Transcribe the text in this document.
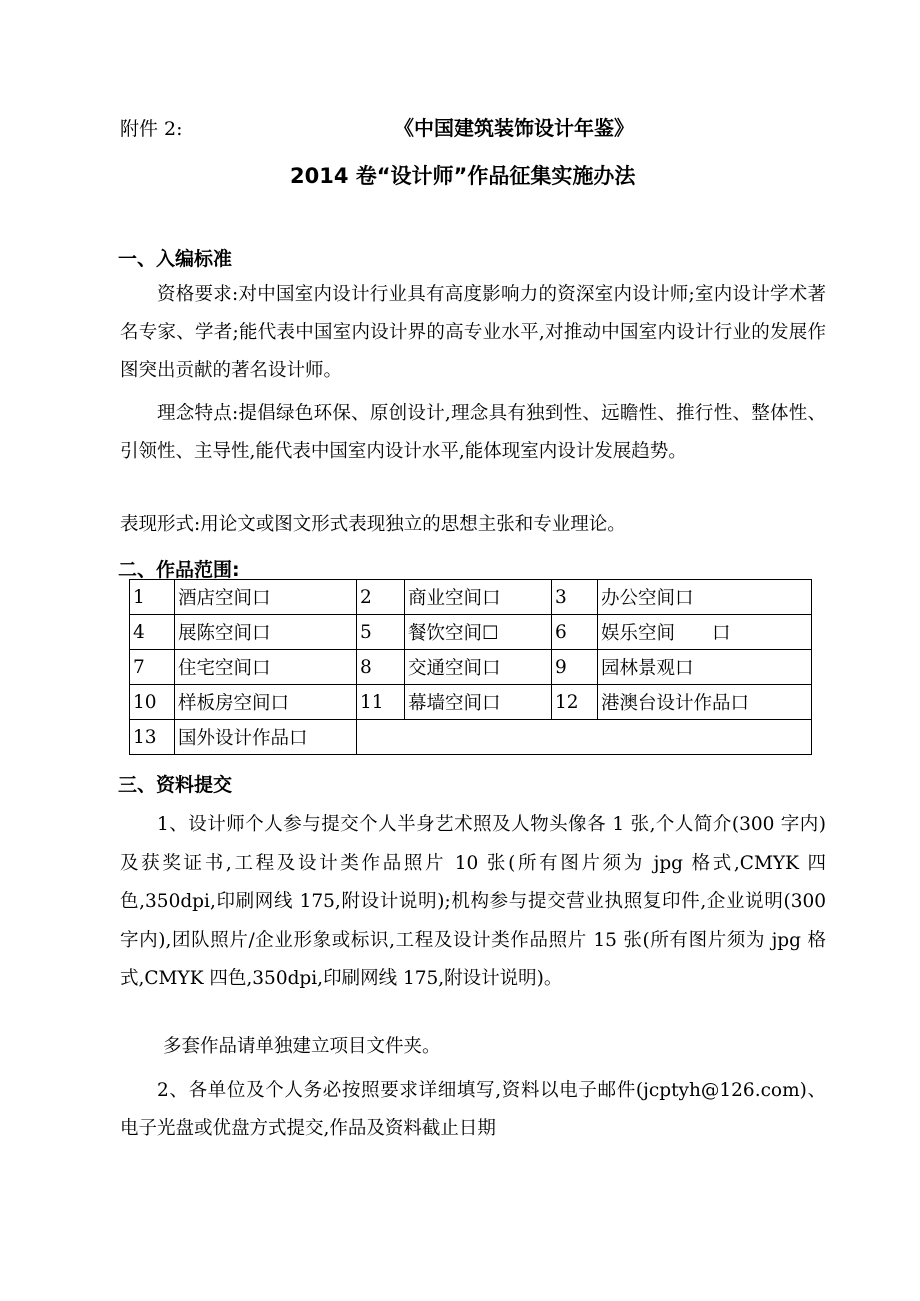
附件 2:	《中国建筑装饰设计年鉴》
2014 卷“设计师”作品征集实施办法
一、入编标准
资格要求:对中国室内设计行业具有高度影响力的资深室内设计师;室内设计学术著名专家、学者;能代表中国室内设计界的高专业水平,对推动中国室内设计行业的发展作图突出贡献的著名设计师。
理念特点:提倡绿色环保、原创设计,理念具有独到性、远瞻性、推行性、整体性、引领性、主导性,能代表中国室内设计水平,能体现室内设计发展趋势。
表现形式:用论文或图文形式表现独立的思想主张和专业理论。
二、作品范围:
1	酒店空间口	2	商业空间口	3	办公空间口
4	展陈空间口	5	餐饮空间☐	6	娱乐空间　　口
7	住宅空间口	8	交通空间口	9	园林景观口
10	样板房空间口	11	幕墙空间口	12	港澳台设计作品口
13	国外设计作品口				
三、资料提交
1、设计师个人参与提交个人半身艺术照及人物头像各 1 张,个人简介(300 字内)及获奖证书,工程及设计类作品照片 10 张(所有图片须为 jpg 格式,CMYK 四色,350dpi,印刷网线 175,附设计说明);机构参与提交营业执照复印件,企业说明(300 字内),团队照片/企业形象或标识,工程及设计类作品照片 15 张(所有图片须为 jpg 格式,CMYK 四色,350dpi,印刷网线 175,附设计说明)。
多套作品请单独建立项目文件夹。
2、各单位及个人务必按照要求详细填写,资料以电子邮件(jcptyh@126.com)、电子光盘或优盘方式提交,作品及资料截止日期
